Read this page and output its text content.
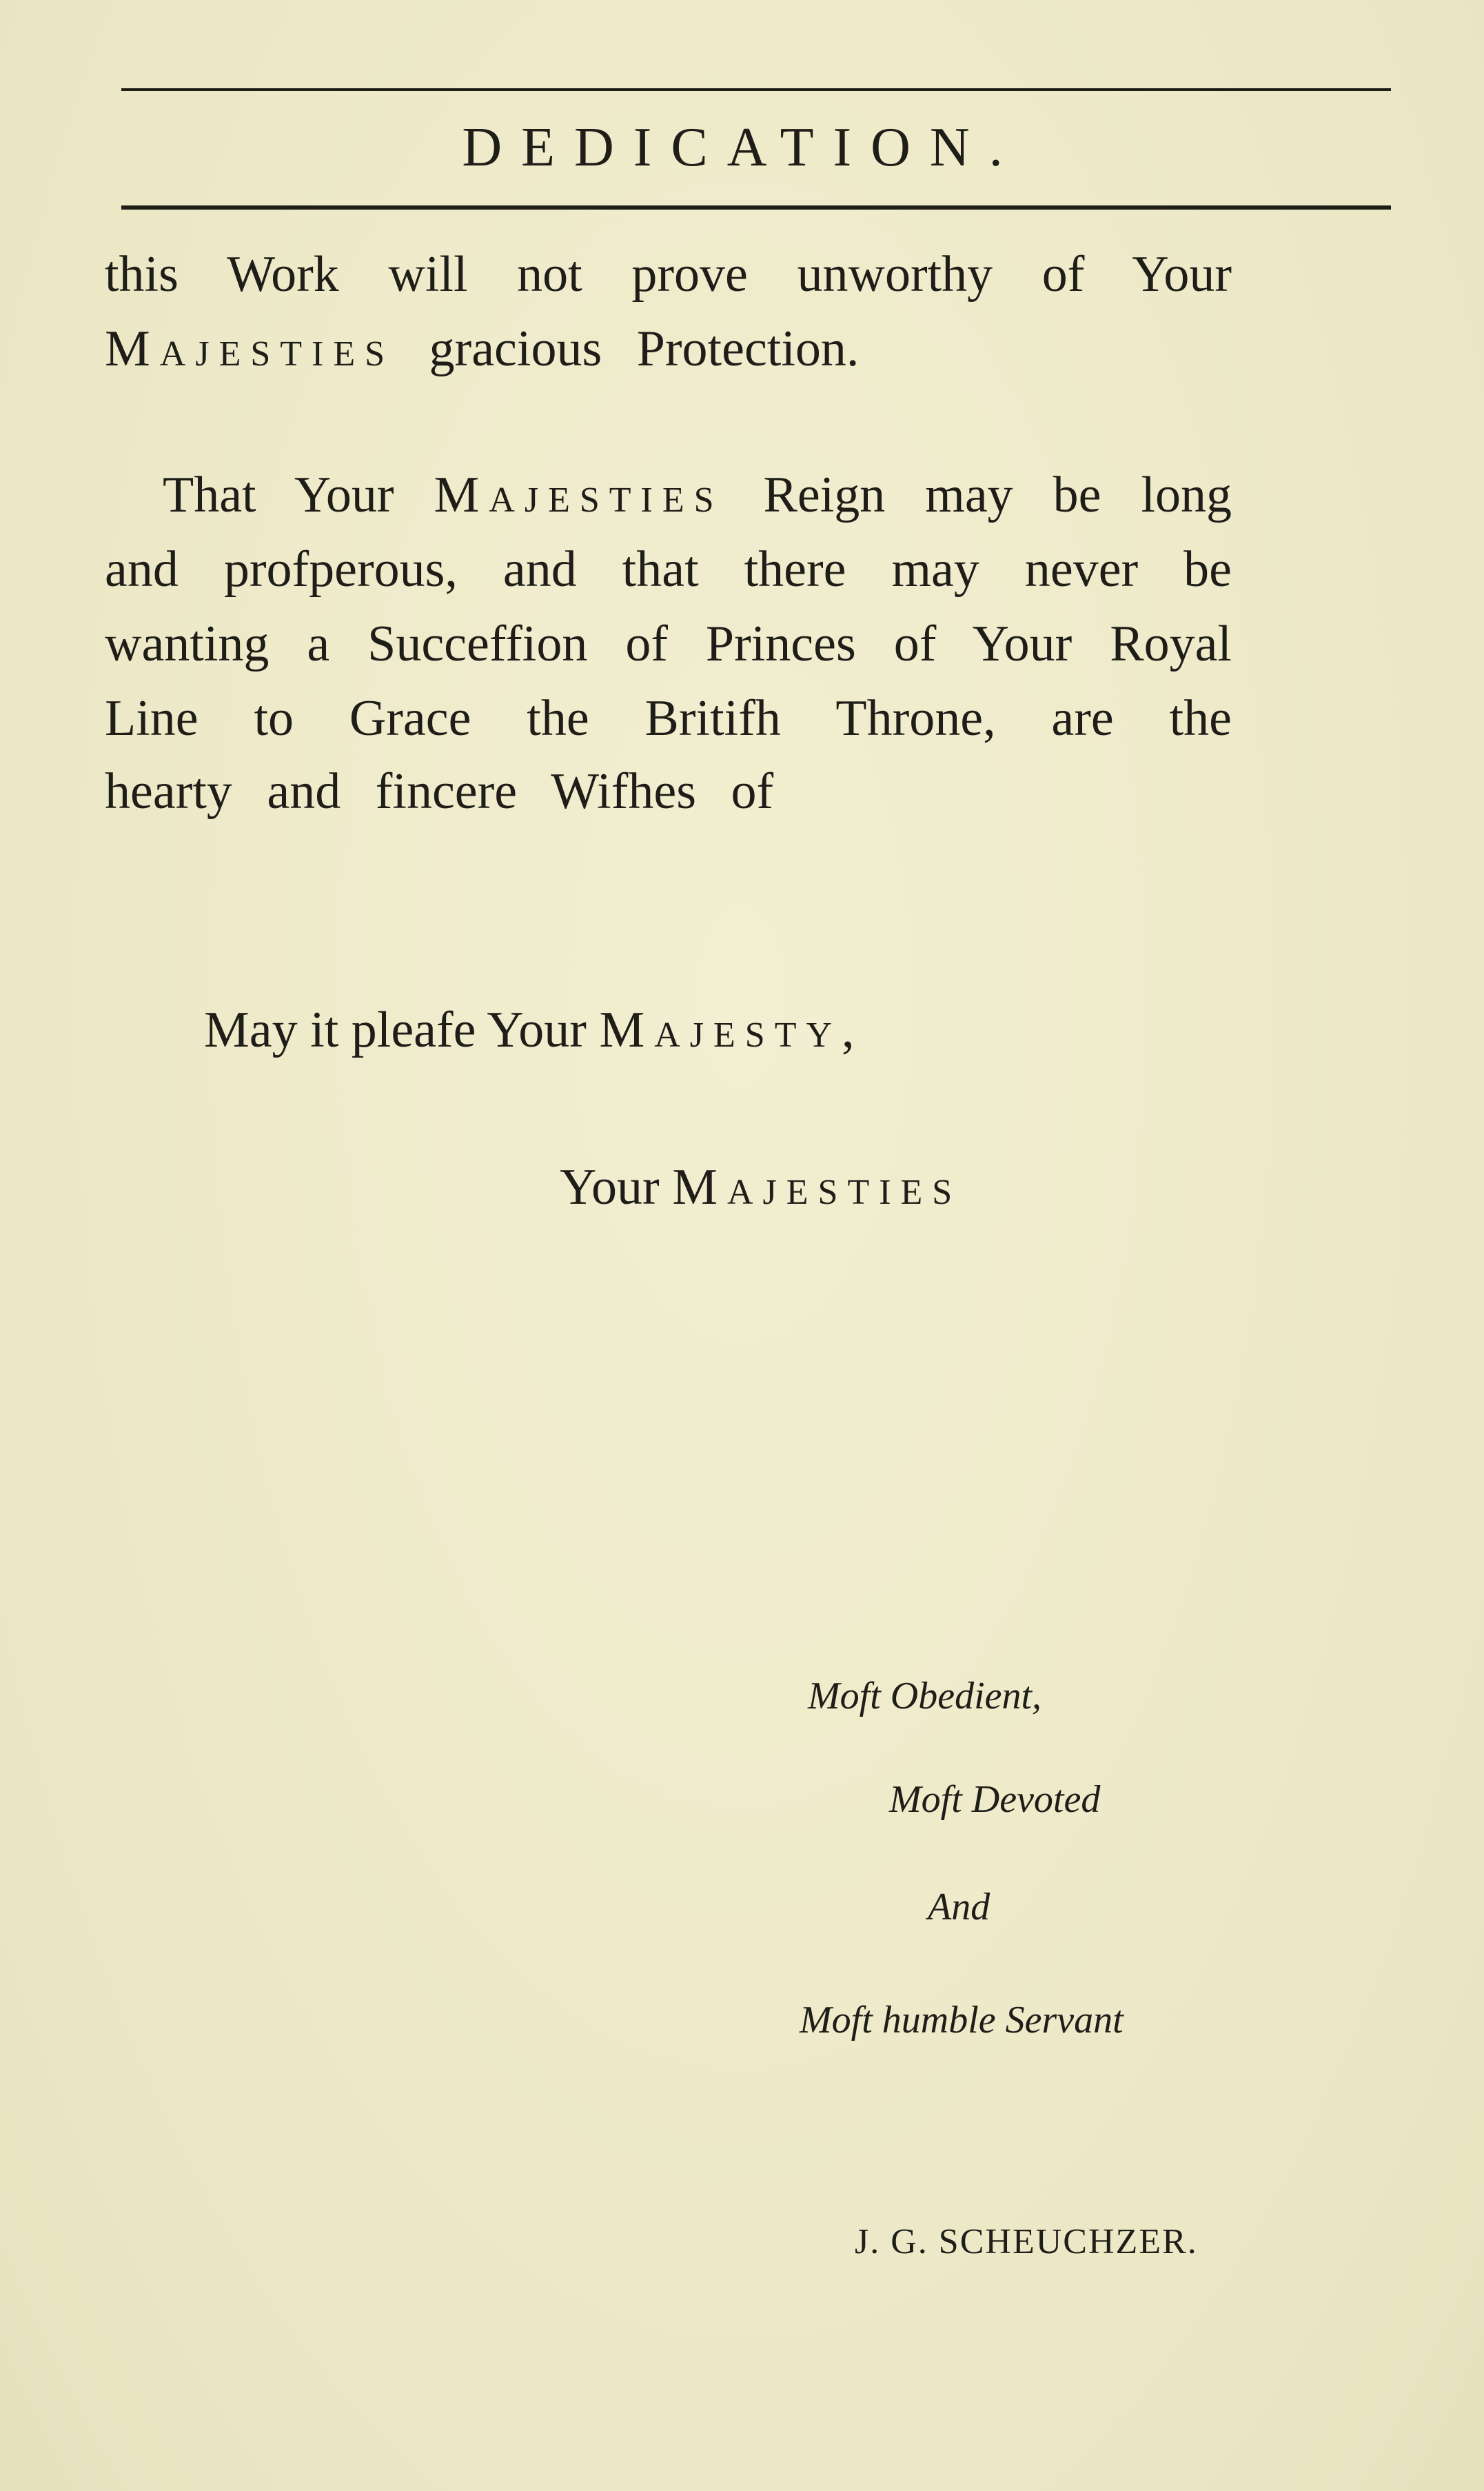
DEDICATION.
this Work will not prove unworthy of Your
Majesties gracious Protection.
That Your Majesties Reign may be long
and profperous, and that there may never be
wanting a Succeffion of Princes of Your Royal
Line to Grace the Britifh Throne, are the
hearty and fincere Wifhes of
May it pleafe Your Majesty,
Your Majesties
Moft Obedient,
Moft Devoted
And
Moft humble Servant
J. G. SCHEUCHZER.
